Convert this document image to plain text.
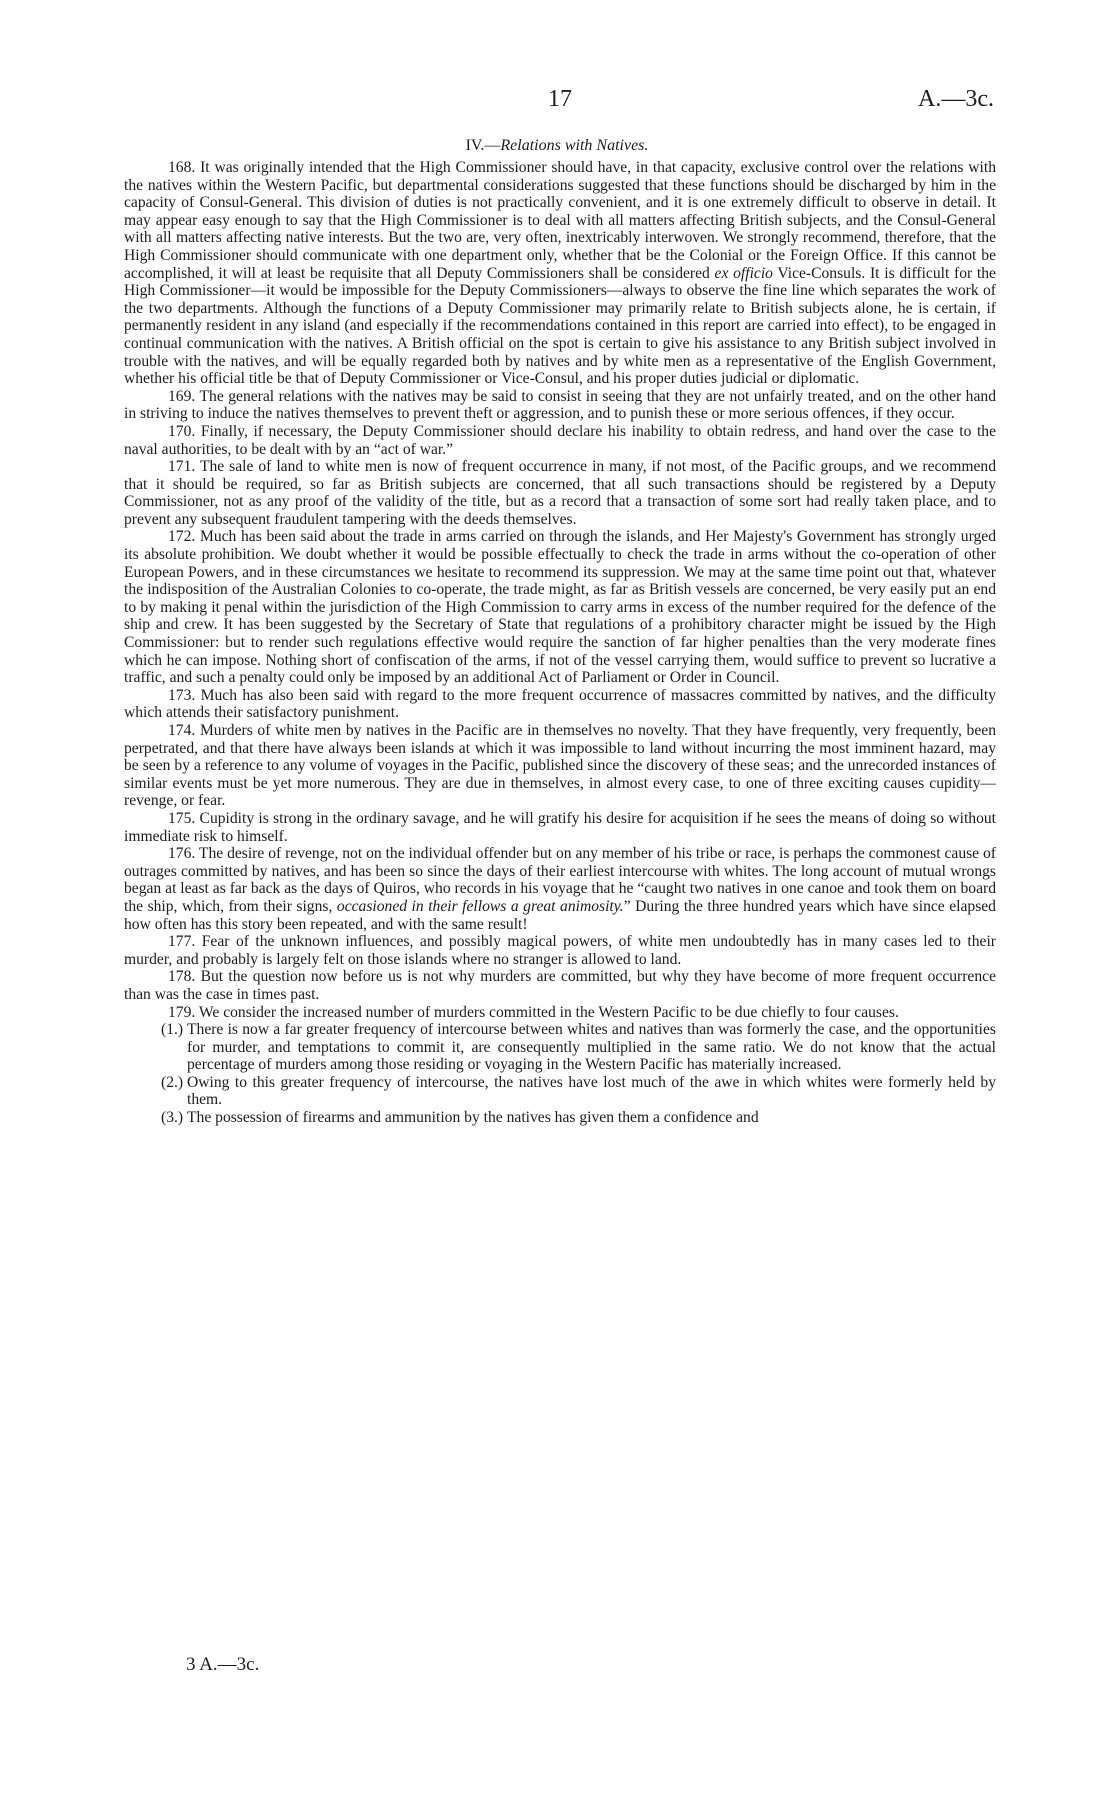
17	A.—3c.
IV.—Relations with Natives.

168. It was originally intended that the High Commissioner should have, in that capacity, exclusive control over the relations with the natives within the Western Pacific, but departmental considerations suggested that these functions should be discharged by him in the capacity of Consul-General. This division of duties is not practically convenient, and it is one extremely difficult to observe in detail. It may appear easy enough to say that the High Commissioner is to deal with all matters affecting British subjects, and the Consul-General with all matters affecting native interests. But the two are, very often, inextricably interwoven. We strongly recommend, therefore, that the High Commissioner should communicate with one department only, whether that be the Colonial or the Foreign Office. If this cannot be accomplished, it will at least be requisite that all Deputy Commissioners shall be considered ex officio Vice-Consuls. It is difficult for the High Commissioner—it would be impossible for the Deputy Commissioners—always to observe the fine line which separates the work of the two departments. Although the functions of a Deputy Commissioner may primarily relate to British subjects alone, he is certain, if permanently resident in any island (and especially if the recommendations contained in this report are carried into effect), to be engaged in continual communication with the natives. A British official on the spot is certain to give his assistance to any British subject involved in trouble with the natives, and will be equally regarded both by natives and by white men as a representative of the English Government, whether his official title be that of Deputy Commissioner or Vice-Consul, and his proper duties judicial or diplomatic.

169. The general relations with the natives may be said to consist in seeing that they are not unfairly treated, and on the other hand in striving to induce the natives themselves to prevent theft or aggression, and to punish these or more serious offences, if they occur.

170. Finally, if necessary, the Deputy Commissioner should declare his inability to obtain redress, and hand over the case to the naval authorities, to be dealt with by an “act of war.”

171. The sale of land to white men is now of frequent occurrence in many, if not most, of the Pacific groups, and we recommend that it should be required, so far as British subjects are concerned, that all such transactions should be registered by a Deputy Commissioner, not as any proof of the validity of the title, but as a record that a transaction of some sort had really taken place, and to prevent any subsequent fraudulent tampering with the deeds themselves.

172. Much has been said about the trade in arms carried on through the islands, and Her Majesty's Government has strongly urged its absolute prohibition. We doubt whether it would be possible effectually to check the trade in arms without the co-operation of other European Powers, and in these circumstances we hesitate to recommend its suppression. We may at the same time point out that, whatever the indisposition of the Australian Colonies to co-operate, the trade might, as far as British vessels are concerned, be very easily put an end to by making it penal within the jurisdiction of the High Commission to carry arms in excess of the number required for the defence of the ship and crew. It has been suggested by the Secretary of State that regulations of a prohibitory character might be issued by the High Commissioner: but to render such regulations effective would require the sanction of far higher penalties than the very moderate fines which he can impose. Nothing short of confiscation of the arms, if not of the vessel carrying them, would suffice to prevent so lucrative a traffic, and such a penalty could only be imposed by an additional Act of Parliament or Order in Council.

173. Much has also been said with regard to the more frequent occurrence of massacres committed by natives, and the difficulty which attends their satisfactory punishment.

174. Murders of white men by natives in the Pacific are in themselves no novelty. That they have frequently, very frequently, been perpetrated, and that there have always been islands at which it was impossible to land without incurring the most imminent hazard, may be seen by a reference to any volume of voyages in the Pacific, published since the discovery of these seas; and the unrecorded instances of similar events must be yet more numerous. They are due in themselves, in almost every case, to one of three exciting causes cupidity—revenge, or fear.

175. Cupidity is strong in the ordinary savage, and he will gratify his desire for acquisition if he sees the means of doing so without immediate risk to himself.

176. The desire of revenge, not on the individual offender but on any member of his tribe or race, is perhaps the commonest cause of outrages committed by natives, and has been so since the days of their earliest intercourse with whites. The long account of mutual wrongs began at least as far back as the days of Quiros, who records in his voyage that he “caught two natives in one canoe and took them on board the ship, which, from their signs, occasioned in their fellows a great animosity.” During the three hundred years which have since elapsed how often has this story been repeated, and with the same result!

177. Fear of the unknown influences, and possibly magical powers, of white men undoubtedly has in many cases led to their murder, and probably is largely felt on those islands where no stranger is allowed to land.

178. But the question now before us is not why murders are committed, but why they have become of more frequent occurrence than was the case in times past.

179. We consider the increased number of murders committed in the Western Pacific to be due chiefly to four causes.

(1.) There is now a far greater frequency of intercourse between whites and natives than was formerly the case, and the opportunities for murder, and temptations to commit it, are consequently multiplied in the same ratio. We do not know that the actual percentage of murders among those residing or voyaging in the Western Pacific has materially increased.
(2.) Owing to this greater frequency of intercourse, the natives have lost much of the awe in which whites were formerly held by them.
(3.) The possession of firearms and ammunition by the natives has given them a confidence and
3 A.—3c.
